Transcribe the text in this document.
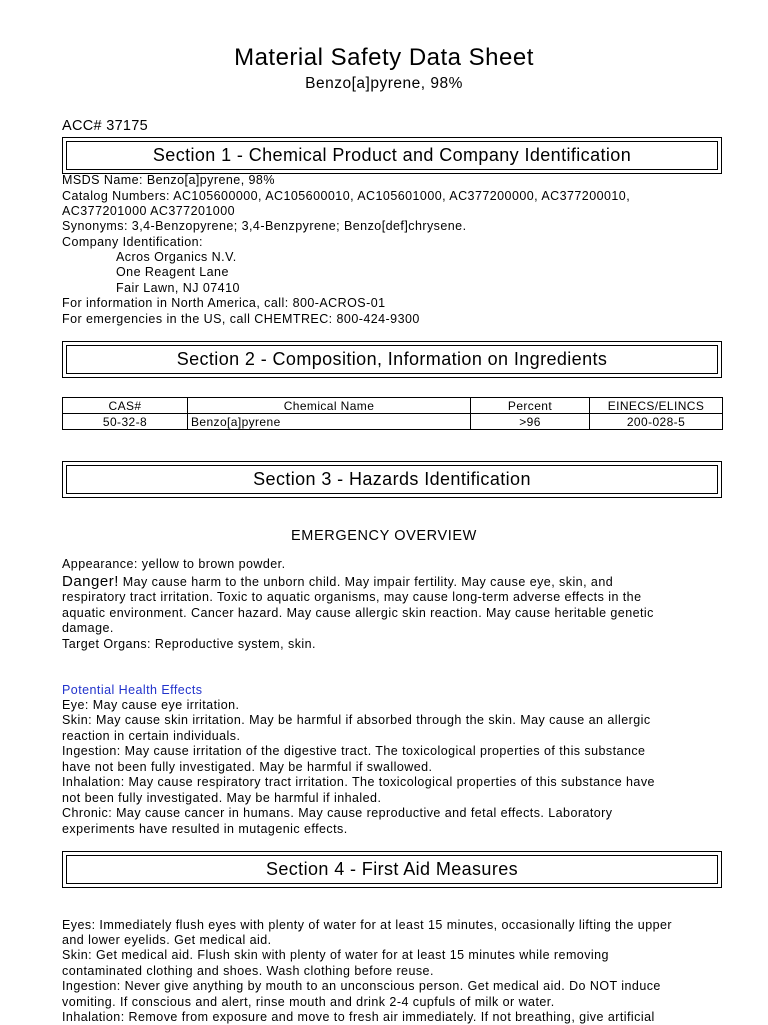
Material Safety Data Sheet
Benzo[a]pyrene, 98%
ACC# 37175
Section 1 - Chemical Product and Company Identification
MSDS Name: Benzo[a]pyrene, 98%
Catalog Numbers: AC105600000, AC105600010, AC105601000, AC377200000, AC377200010,
AC377201000 AC377201000
Synonyms: 3,4-Benzopyrene; 3,4-Benzpyrene; Benzo[def]chrysene.
Company Identification:
Acros Organics N.V.
One Reagent Lane
Fair Lawn, NJ 07410
For information in North America, call: 800-ACROS-01
For emergencies in the US, call CHEMTREC: 800-424-9300
Section 2 - Composition, Information on Ingredients
CAS#	Chemical Name	Percent	EINECS/ELINCS
50-32-8	Benzo[a]pyrene	>96	200-028-5
Section 3 - Hazards Identification
EMERGENCY OVERVIEW
Appearance: yellow to brown powder.
Danger! May cause harm to the unborn child. May impair fertility. May cause eye, skin, and
respiratory tract irritation. Toxic to aquatic organisms, may cause long-term adverse effects in the
aquatic environment. Cancer hazard. May cause allergic skin reaction. May cause heritable genetic
damage.
Target Organs: Reproductive system, skin.
Potential Health Effects
Eye: May cause eye irritation.
Skin: May cause skin irritation. May be harmful if absorbed through the skin. May cause an allergic
reaction in certain individuals.
Ingestion: May cause irritation of the digestive tract. The toxicological properties of this substance
have not been fully investigated. May be harmful if swallowed.
Inhalation: May cause respiratory tract irritation. The toxicological properties of this substance have
not been fully investigated. May be harmful if inhaled.
Chronic: May cause cancer in humans. May cause reproductive and fetal effects. Laboratory
experiments have resulted in mutagenic effects.
Section 4 - First Aid Measures
Eyes: Immediately flush eyes with plenty of water for at least 15 minutes, occasionally lifting the upper
and lower eyelids. Get medical aid.
Skin: Get medical aid. Flush skin with plenty of water for at least 15 minutes while removing
contaminated clothing and shoes. Wash clothing before reuse.
Ingestion: Never give anything by mouth to an unconscious person. Get medical aid. Do NOT induce
vomiting. If conscious and alert, rinse mouth and drink 2-4 cupfuls of milk or water.
Inhalation: Remove from exposure and move to fresh air immediately. If not breathing, give artificial
